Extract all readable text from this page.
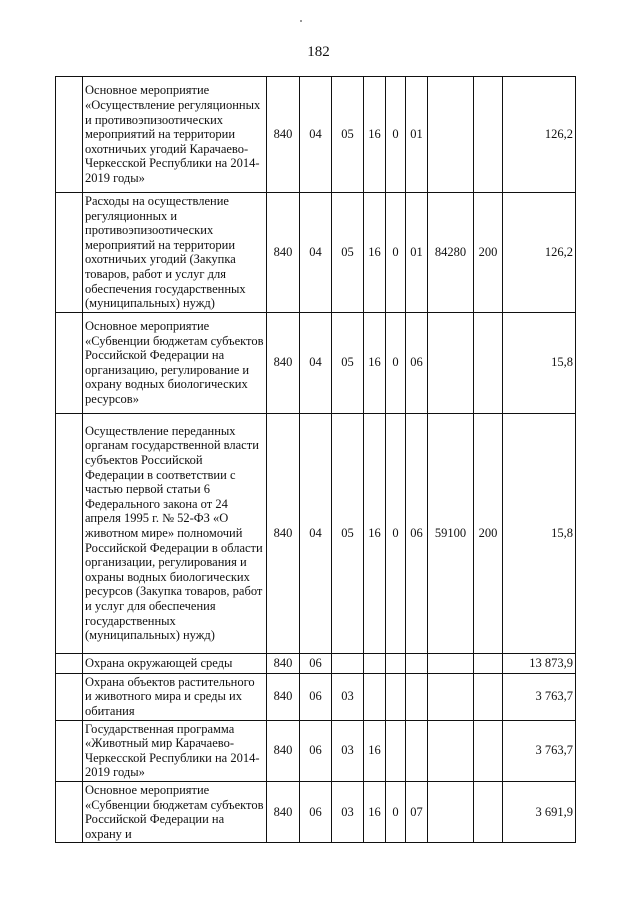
182
	Основное мероприятие «Осуществление регуляционных и противоэпизоотических мероприятий на территории охотничьих угодий Карачаево-Черкесской Республики на 2014-2019 годы»	840	04	05	16	0	01			126,2
	Расходы на осуществление регуляционных и противоэпизоотических мероприятий на территории охотничьих угодий (Закупка товаров, работ и услуг для обеспечения государственных (муниципальных) нужд)	840	04	05	16	0	01	84280	200	126,2
	Основное мероприятие «Субвенции бюджетам субъектов Российской Федерации на организацию, регулирование и охрану водных биологических ресурсов»	840	04	05	16	0	06			15,8
	Осуществление переданных органам государственной власти субъектов Российской Федерации в соответствии с частью первой статьи 6 Федерального закона от 24 апреля 1995 г. № 52-ФЗ «О животном мире» полномочий Российской Федерации в области организации, регулирования и охраны водных биологических ресурсов (Закупка товаров, работ и услуг для обеспечения государственных (муниципальных) нужд)	840	04	05	16	0	06	59100	200	15,8
	Охрана окружающей среды	840	06							13 873,9
	Охрана объектов растительного и животного мира и среды их обитания	840	06	03						3 763,7
	Государственная программа «Животный мир Карачаево-Черкесской Республики на 2014-2019 годы»	840	06	03	16					3 763,7
	Основное мероприятие «Субвенции бюджетам субъектов Российской Федерации на охрану и	840	06	03	16	0	07			3 691,9
